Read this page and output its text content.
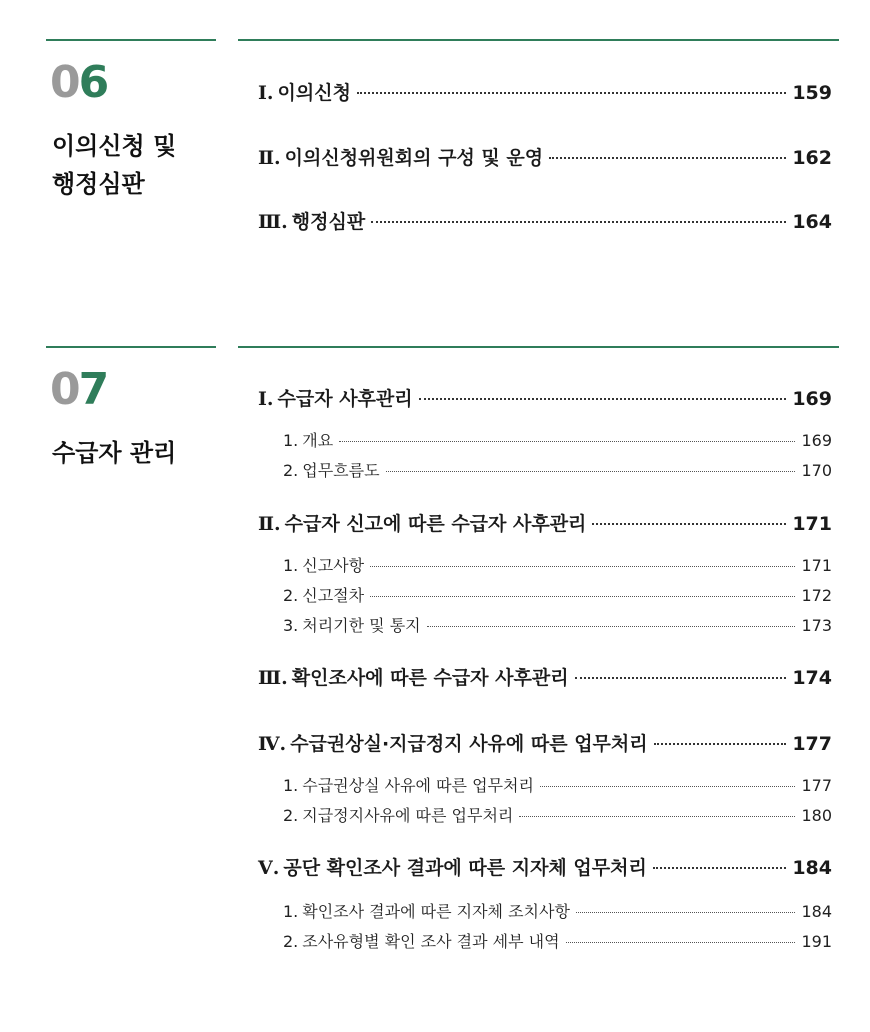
06
이의신청 및
행정심판
Ⅰ. 이의신청	159
Ⅱ. 이의신청위원회의 구성 및 운영	162
Ⅲ. 행정심판	164
07
수급자 관리
Ⅰ. 수급자 사후관리	169
1. 개요	169
2. 업무흐름도	170
Ⅱ. 수급자 신고에 따른 수급자 사후관리	171
1. 신고사항	171
2. 신고절차	172
3. 처리기한 및 통지	173
Ⅲ. 확인조사에 따른 수급자 사후관리	174
Ⅳ. 수급권상실·지급정지 사유에 따른 업무처리	177
1. 수급권상실 사유에 따른 업무처리	177
2. 지급정지사유에 따른 업무처리	180
Ⅴ. 공단 확인조사 결과에 따른 지자체 업무처리	184
1. 확인조사 결과에 따른 지자체 조치사항	184
2. 조사유형별 확인 조사 결과 세부 내역	191
